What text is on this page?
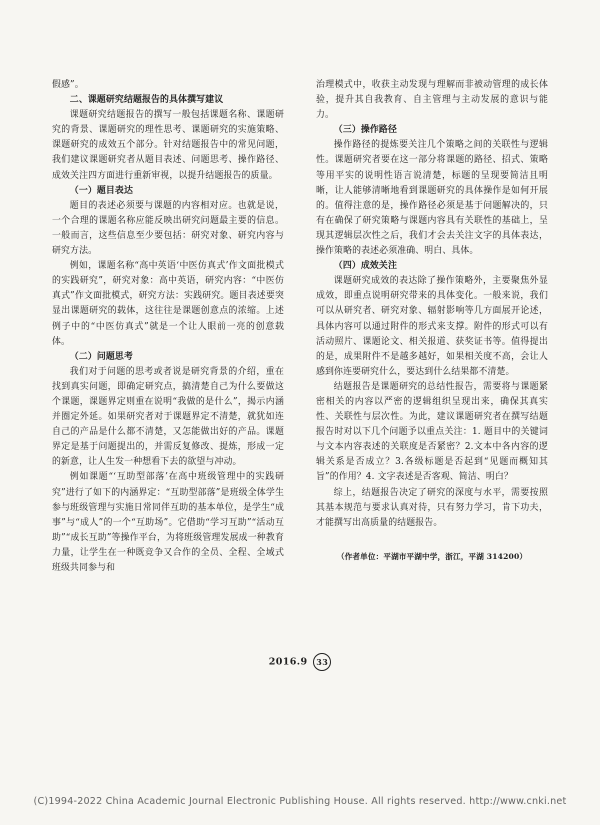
假感”。

二、课题研究结题报告的具体撰写建议

课题研究结题报告的撰写一般包括课题名称、课题研究的背景、课题研究的理性思考、课题研究的实施策略、课题研究的成效五个部分。针对结题报告中的常见问题，我们建议课题研究者从题目表述、问题思考、操作路径、成效关注四方面进行重新审视，以提升结题报告的质量。

（一）题目表达

题目的表述必须要与课题的内容相对应。也就是说，一个合理的课题名称应能反映出研究问题最主要的信息。一般而言，这些信息至少要包括：研究对象、研究内容与研究方法。

例如，课题名称“高中英语‘中医仿真式’作文面批模式的实践研究”，研究对象：高中英语，研究内容：“中医仿真式”作文面批模式，研究方法：实践研究。题目表述要突显出课题研究的载体，这往往是课题创意点的浓缩。上述例子中的“中医仿真式”就是一个让人眼前一亮的创意载体。

（二）问题思考

我们对于问题的思考或者说是研究背景的介绍，重在找到真实问题，即确定研究点，搞清楚自己为什么要做这个课题，课题界定则重在说明“我做的是什么”，揭示内涵并圈定外延。如果研究者对于课题界定不清楚，就犹如连自己的产品是什么都不清楚，又怎能做出好的产品。课题界定是基于问题提出的，并需反复修改、提炼，形成一定的新意，让人生发一种想看下去的欲望与冲动。

例如课题“‘互助型部落’在高中班级管理中的实践研究”进行了如下的内涵界定：“互助型部落”是班级全体学生参与班级管理与实施日常同伴互助的基本单位，是学生“成事”与“成人”的一个“互助场”。它借助“学习互助”“活动互助”“成长互助”等操作平台，为将班级管理发展成一种教育力量，让学生在一种既竞争又合作的全员、全程、全域式班级共同参与和

治理模式中，收获主动发现与理解而非被动管理的成长体验，提升其自我教育、自主管理与主动发展的意识与能力。

（三）操作路径

操作路径的提炼要关注几个策略之间的关联性与逻辑性。课题研究者要在这一部分将课题的路径、招式、策略等用平实的说明性语言说清楚，标题的呈现要简洁且明晰，让人能够清晰地看到课题研究的具体操作是如何开展的。值得注意的是，操作路径必须是基于问题解决的，只有在确保了研究策略与课题内容具有关联性的基础上，呈现其逻辑层次性之后，我们才会去关注文字的具体表达，操作策略的表述必须准确、明白、具体。

（四）成效关注

课题研究成效的表达除了操作策略外，主要聚焦外显成效，即重点说明研究带来的具体变化。一般来说，我们可以从研究者、研究对象、辐射影响等几方面展开论述，具体内容可以通过附件的形式来支撑。附件的形式可以有活动照片、课题论文、相关报道、获奖证书等。值得提出的是，成果附件不是越多越好，如果相关度不高，会让人感到你连要研究什么，要达到什么结果都不清楚。

结题报告是课题研究的总结性报告，需要将与课题紧密相关的内容以严密的逻辑组织呈现出来，确保其真实性、关联性与层次性。为此，建议课题研究者在撰写结题报告时对以下几个问题予以重点关注：1. 题目中的关键词与文本内容表述的关联度是否紧密？2.文本中各内容的逻辑关系是否成立？3.各级标题是否起到“见题而概知其旨”的作用？4. 文字表述是否客观、简洁、明白？

综上，结题报告决定了研究的深度与水平，需要按照其基本规范与要求认真对待，只有努力学习，肯下功夫，才能撰写出高质量的结题报告。

（作者单位：平湖市平湖中学，浙江，平湖 314200）

2016.9 33
(C)1994-2022 China Academic Journal Electronic Publishing House. All rights reserved. http://www.cnki.net
